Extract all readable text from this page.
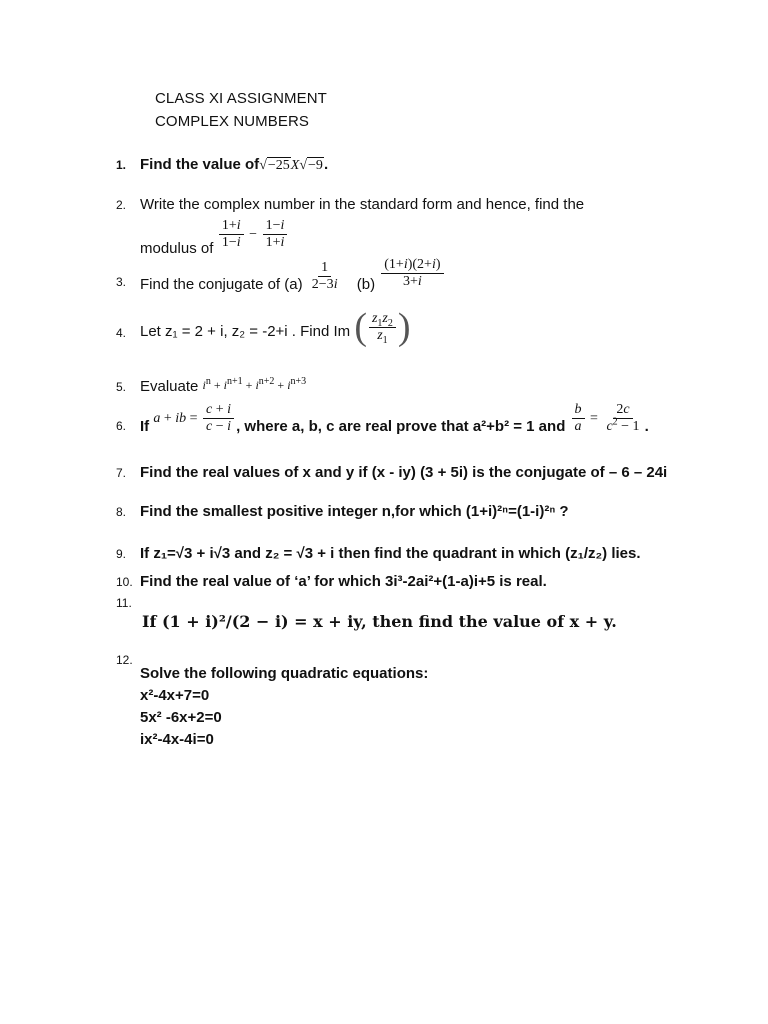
CLASS XI ASSIGNMENT
COMPLEX NUMBERS
1. Find the value of√−25X√−9.
2. Write the complex number in the standard form and hence, find the
modulus of $\frac{1+i}{1-i} - \frac{1-i}{1+i}$
3. Find the conjugate of $(a) \frac{1}{2-3i} (b) \frac{(1+i)(2+i)}{3+i}$
4. Let z₁ = 2 + i, z₂ = -2+i . Find Im ( $\frac{z_1z_2}{\overline{z}_1}$ )
5. Evaluate $^{i^n + i^{n+1} + i^{n+2} + i^{n+3}}$
6. If a + ib = $\frac{c + i}{c - i}$ , where a, b, c are real prove that a²+b² = 1 and $\frac{b}{a} = \frac{2c}{c^2 - 1}$ .
7. Find the real values of x and y if (x - iy) (3 + 5i) is the conjugate of – 6 – 24i
8. Find the smallest positive integer n,for which (1+i)²ⁿ=(1-i)²ⁿ ?
9. If z₁=√3 + i√3 and z₂ = √3 + i then find the quadrant in which (z₁/z₂) lies.
10. Find the real value of ‘a’ for which 3i³-2ai²+(1-a)i+5 is real.
11.
If (1 + i)²/(2 − i) = x + iy, then find the value of x + y.
12.
Solve the following quadratic equations:
x²-4x+7=0
5x² -6x+2=0
ix²-4x-4i=0
